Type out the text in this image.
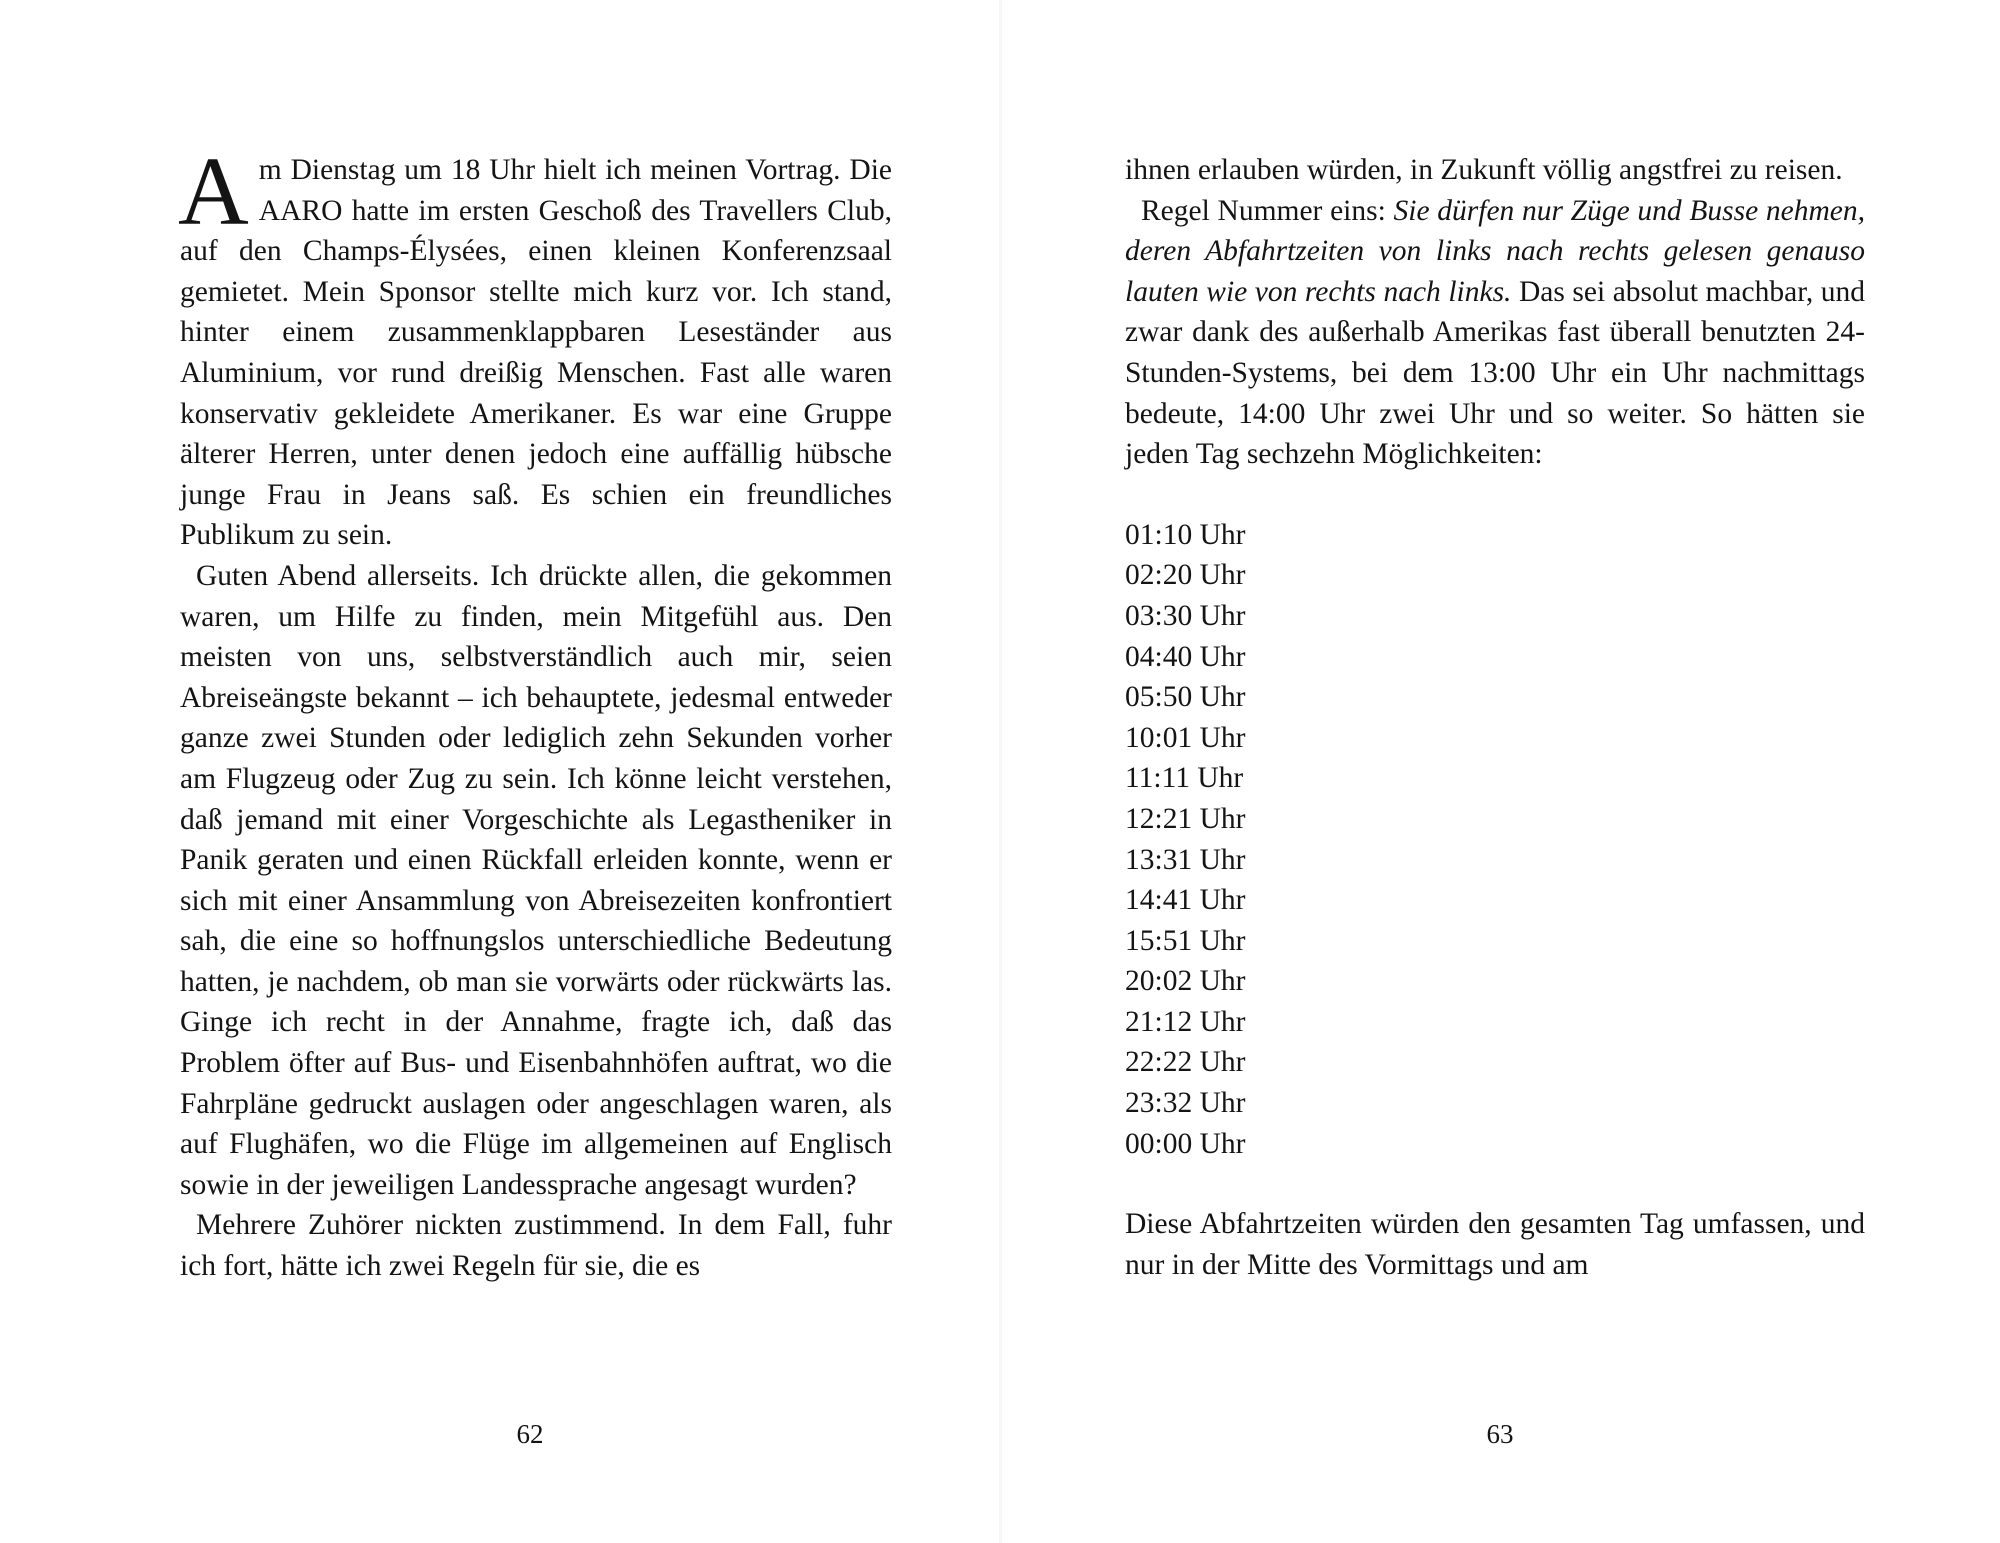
Am Dienstag um 18 Uhr hielt ich meinen Vortrag. Die AARO hatte im ersten Geschoß des Travellers Club, auf den Champs-Élysées, einen kleinen Konferenzsaal gemietet. Mein Sponsor stellte mich kurz vor. Ich stand, hinter einem zusammenklappbaren Leseständer aus Aluminium, vor rund dreißig Menschen. Fast alle waren konservativ gekleidete Amerikaner. Es war eine Gruppe älterer Herren, unter denen jedoch eine auffällig hübsche junge Frau in Jeans saß. Es schien ein freundliches Publikum zu sein.

Guten Abend allerseits. Ich drückte allen, die gekommen waren, um Hilfe zu finden, mein Mitgefühl aus. Den meisten von uns, selbstverständlich auch mir, seien Abreiseängste bekannt – ich behauptete, jedesmal entweder ganze zwei Stunden oder lediglich zehn Sekunden vorher am Flugzeug oder Zug zu sein. Ich könne leicht verstehen, daß jemand mit einer Vorgeschichte als Legastheniker in Panik geraten und einen Rückfall erleiden konnte, wenn er sich mit einer Ansammlung von Abreisezeiten konfrontiert sah, die eine so hoffnungslos unterschiedliche Bedeutung hatten, je nachdem, ob man sie vorwärts oder rückwärts las. Ginge ich recht in der Annahme, fragte ich, daß das Problem öfter auf Bus- und Eisenbahnhöfen auftrat, wo die Fahrpläne gedruckt auslagen oder angeschlagen waren, als auf Flughäfen, wo die Flüge im allgemeinen auf Englisch sowie in der jeweiligen Landessprache angesagt wurden?

Mehrere Zuhörer nickten zustimmend. In dem Fall, fuhr ich fort, hätte ich zwei Regeln für sie, die es

62

ihnen erlauben würden, in Zukunft völlig angstfrei zu reisen.

Regel Nummer eins: Sie dürfen nur Züge und Busse nehmen, deren Abfahrtzeiten von links nach rechts gelesen genauso lauten wie von rechts nach links. Das sei absolut machbar, und zwar dank des außerhalb Amerikas fast überall benutzten 24-Stunden-Systems, bei dem 13:00 Uhr ein Uhr nachmittags bedeute, 14:00 Uhr zwei Uhr und so weiter. So hätten sie jeden Tag sechzehn Möglichkeiten:

01:10 Uhr
02:20 Uhr
03:30 Uhr
04:40 Uhr
05:50 Uhr
10:01 Uhr
11:11 Uhr
12:21 Uhr
13:31 Uhr
14:41 Uhr
15:51 Uhr
20:02 Uhr
21:12 Uhr
22:22 Uhr
23:32 Uhr
00:00 Uhr

Diese Abfahrtzeiten würden den gesamten Tag umfassen, und nur in der Mitte des Vormittags und am

63
